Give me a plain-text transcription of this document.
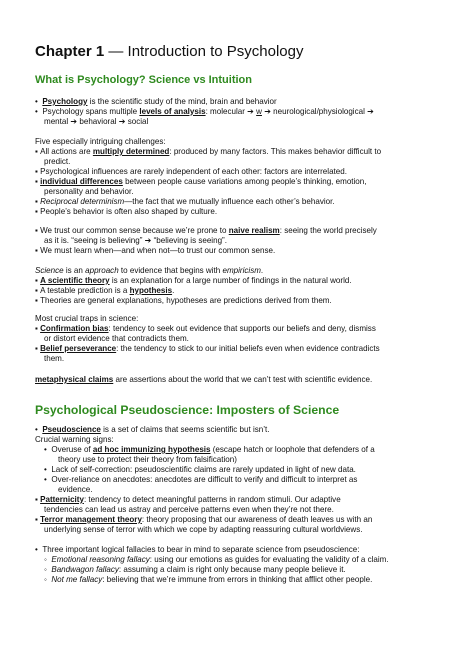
Chapter 1 — Introduction to Psychology
What is Psychology? Science vs Intuition
• Psychology is the scientific study of the mind, brain and behavior
• Psychology spans multiple levels of analysis: molecular ➔ w ➔ neurological/physiological ➔
mental ➔ behavioral ➔ social
Five especially intriguing challenges:
▪ All actions are multiply determined: produced by many factors. This makes behavior difficult to
predict.
▪ Psychological influences are rarely independent of each other: factors are interrelated.
▪ individual differences between people cause variations among people’s thinking, emotion,
personality and behavior.
▪ Reciprocal determinism—the fact that we mutually influence each other’s behavior.
▪ People’s behavior is often also shaped by culture.
▪ We trust our common sense because we’re prone to naive realism: seeing the world precisely
as it is. “seeing is believing” ➔ “believing is seeing”.
▪ We must learn when—and when not—to trust our common sense.
Science is an approach to evidence that begins with empiricism.
▪ A scientific theory is an explanation for a large number of findings in the natural world.
▪ A testable prediction is a hypothesis.
▪ Theories are general explanations, hypotheses are predictions derived from them.
Most crucial traps in science:
▪ Confirmation bias: tendency to seek out evidence that supports our beliefs and deny, dismiss
or distort evidence that contradicts them.
▪ Belief perseverance: the tendency to stick to our initial beliefs even when evidence contradicts
them.
metaphysical claims are assertions about the world that we can’t test with scientific evidence.
Psychological Pseudoscience: Imposters of Science
• Pseudoscience is a set of claims that seems scientific but isn’t.
Crucial warning signs:
• Overuse of ad hoc immunizing hypothesis (escape hatch or loophole that defenders of a
theory use to protect their theory from falsification)
• Lack of self-correction: pseudoscientific claims are rarely updated in light of new data.
• Over-reliance on anecdotes: anecdotes are difficult to verify and difficult to interpret as
evidence.
▪ Patternicity: tendency to detect meaningful patterns in random stimuli. Our adaptive
tendencies can lead us astray and perceive patterns even when they’re not there.
▪ Terror management theory: theory proposing that our awareness of death leaves us with an
underlying sense of terror with which we cope by adapting reassuring cultural worldviews.
• Three important logical fallacies to bear in mind to separate science from pseudoscience:
◦ Emotional reasoning fallacy: using our emotions as guides for evaluating the validity of a claim.
◦ Bandwagon fallacy: assuming a claim is right only because many people believe it.
◦ Not me fallacy: believing that we’re immune from errors in thinking that afflict other people.
